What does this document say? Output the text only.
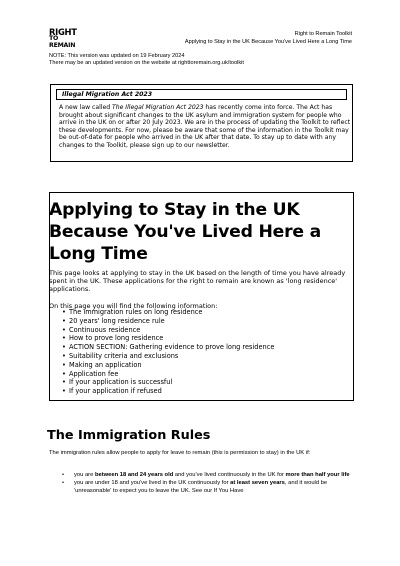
RIGHT
TO REMAIN
Right to Remain Toolkit
Applying to Stay in the UK Because You've Lived Here a Long Time
NOTE: This version was updated on 19 February 2024
There may be an updated version on the website at righttoremain.org.uk/toolkit
Illegal Migration Act 2023
A new law called The Illegal Migration Act 2023 has recently come into force. The Act has brought about significant changes to the UK asylum and immigration system for people who arrive in the UK on or after 20 July 2023. We are in the process of updating the Toolkit to reflect these developments. For now, please be aware that some of the information in the Toolkit may be out-of-date for people who arrived in the UK after that date. To stay up to date with any changes to the Toolkit, please sign up to our newsletter.
Applying to Stay in the UK Because You've Lived Here a Long Time

This page looks at applying to stay in the UK based on the length of time you have already spent in the UK. These applications for the right to remain are known as 'long residence' applications.

On this page you will find the following information:

• The immigration rules on long residence
• 20 years' long residence rule
• Continuous residence
• How to prove long residence
• ACTION SECTION: Gathering evidence to prove long residence
• Suitability criteria and exclusions
• Making an application
• Application fee
• If your application is successful
• If your application if refused
The Immigration Rules
The immigration rules allow people to apply for leave to remain (this is permission to stay) in the UK if:
• you are between 18 and 24 years old and you've lived continuously in the UK for more than half your life
• you are under 18 and you've lived in the UK continuously for at least seven years, and it would be 'unreasonable' to expect you to leave the UK. See our If You Have
